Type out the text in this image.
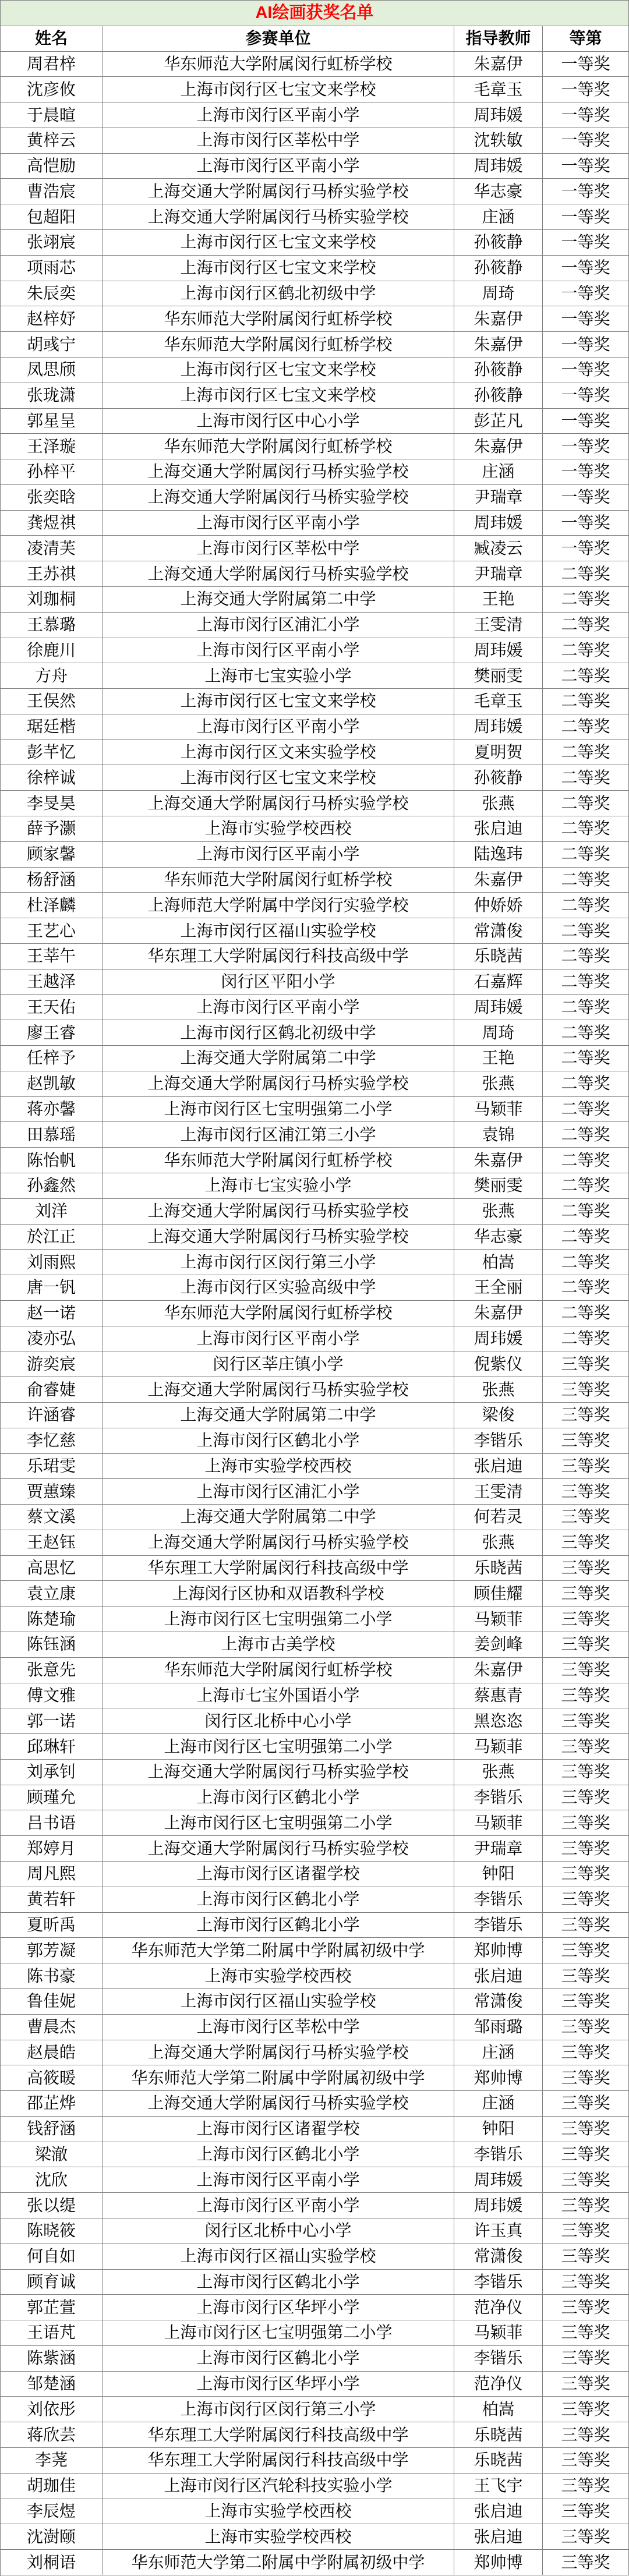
AI绘画获奖名单
姓名	参赛单位	指导教师	等第
周君梓	华东师范大学附属闵行虹桥学校	朱嘉伊	一等奖
沈彦攸	上海市闵行区七宝文来学校	毛章玉	一等奖
于晨暄	上海市闵行区平南小学	周玮媛	一等奖
黄梓云	上海市闵行区莘松中学	沈轶敏	一等奖
高恺励	上海市闵行区平南小学	周玮媛	一等奖
曹浩宸	上海交通大学附属闵行马桥实验学校	华志豪	一等奖
包超阳	上海交通大学附属闵行马桥实验学校	庄涵	一等奖
张翊宸	上海市闵行区七宝文来学校	孙筱静	一等奖
项雨芯	上海市闵行区七宝文来学校	孙筱静	一等奖
朱辰奕	上海市闵行区鹤北初级中学	周琦	一等奖
赵梓妤	华东师范大学附属闵行虹桥学校	朱嘉伊	一等奖
胡彧宁	华东师范大学附属闵行虹桥学校	朱嘉伊	一等奖
凤思颀	上海市闵行区七宝文来学校	孙筱静	一等奖
张珑潇	上海市闵行区七宝文来学校	孙筱静	一等奖
郭星呈	上海市闵行区中心小学	彭芷凡	一等奖
王泽璇	华东师范大学附属闵行虹桥学校	朱嘉伊	一等奖
孙梓平	上海交通大学附属闵行马桥实验学校	庄涵	一等奖
张奕晗	上海交通大学附属闵行马桥实验学校	尹瑞章	一等奖
龚煜祺	上海市闵行区平南小学	周玮媛	一等奖
凌清芙	上海市闵行区莘松中学	臧凌云	一等奖
王苏祺	上海交通大学附属闵行马桥实验学校	尹瑞章	二等奖
刘珈桐	上海交通大学附属第二中学	王艳	二等奖
王慕璐	上海市闵行区浦汇小学	王雯清	二等奖
徐鹿川	上海市闵行区平南小学	周玮媛	二等奖
方舟	上海市七宝实验小学	樊丽雯	二等奖
王俣然	上海市闵行区七宝文来学校	毛章玉	二等奖
琚廷楷	上海市闵行区平南小学	周玮媛	二等奖
彭芊忆	上海市闵行区文来实验学校	夏明贺	二等奖
徐梓诚	上海市闵行区七宝文来学校	孙筱静	二等奖
李旻昊	上海交通大学附属闵行马桥实验学校	张燕	二等奖
薛予灏	上海市实验学校西校	张启迪	二等奖
顾家馨	上海市闵行区平南小学	陆逸玮	二等奖
杨舒涵	华东师范大学附属闵行虹桥学校	朱嘉伊	二等奖
杜泽麟	上海师范大学附属中学闵行实验学校	仲娇娇	二等奖
王艺心	上海市闵行区福山实验学校	常潇俊	二等奖
王莘午	华东理工大学附属闵行科技高级中学	乐晓茜	二等奖
王越泽	闵行区平阳小学	石嘉辉	二等奖
王天佑	上海市闵行区平南小学	周玮媛	二等奖
廖王睿	上海市闵行区鹤北初级中学	周琦	二等奖
任梓予	上海交通大学附属第二中学	王艳	二等奖
赵凯敏	上海交通大学附属闵行马桥实验学校	张燕	二等奖
蒋亦馨	上海市闵行区七宝明强第二小学	马颖菲	二等奖
田慕瑶	上海市闵行区浦江第三小学	袁锦	二等奖
陈怡帆	华东师范大学附属闵行虹桥学校	朱嘉伊	二等奖
孙鑫然	上海市七宝实验小学	樊丽雯	二等奖
刘洋	上海交通大学附属闵行马桥实验学校	张燕	二等奖
於江正	上海交通大学附属闵行马桥实验学校	华志豪	二等奖
刘雨熙	上海市闵行区闵行第三小学	柏嵩	二等奖
唐一钒	上海市闵行区实验高级中学	王全丽	二等奖
赵一诺	华东师范大学附属闵行虹桥学校	朱嘉伊	二等奖
凌亦弘	上海市闵行区平南小学	周玮媛	二等奖
游奕宸	闵行区莘庄镇小学	倪紫仪	三等奖
俞睿婕	上海交通大学附属闵行马桥实验学校	张燕	三等奖
许涵睿	上海交通大学附属第二中学	梁俊	三等奖
李忆慈	上海市闵行区鹤北小学	李锴乐	三等奖
乐珺雯	上海市实验学校西校	张启迪	三等奖
贾蕙臻	上海市闵行区浦汇小学	王雯清	三等奖
蔡文溪	上海交通大学附属第二中学	何若灵	三等奖
王赵钰	上海交通大学附属闵行马桥实验学校	张燕	三等奖
高思忆	华东理工大学附属闵行科技高级中学	乐晓茜	三等奖
袁立康	上海闵行区协和双语教科学校	顾佳耀	三等奖
陈楚瑜	上海市闵行区七宝明强第二小学	马颖菲	三等奖
陈钰涵	上海市古美学校	姜剑峰	三等奖
张意先	华东师范大学附属闵行虹桥学校	朱嘉伊	三等奖
傅文雅	上海市七宝外国语小学	蔡惠青	三等奖
郭一诺	闵行区北桥中心小学	黑恣恣	三等奖
邱琳轩	上海市闵行区七宝明强第二小学	马颖菲	三等奖
刘承钊	上海交通大学附属闵行马桥实验学校	张燕	三等奖
顾瑾允	上海市闵行区鹤北小学	李锴乐	三等奖
吕书语	上海市闵行区七宝明强第二小学	马颖菲	三等奖
郑婷月	上海交通大学附属闵行马桥实验学校	尹瑞章	三等奖
周凡熙	上海市闵行区诸翟学校	钟阳	三等奖
黄若轩	上海市闵行区鹤北小学	李锴乐	三等奖
夏昕禹	上海市闵行区鹤北小学	李锴乐	三等奖
郭芳凝	华东师范大学第二附属中学附属初级中学	郑帅博	三等奖
陈书豪	上海市实验学校西校	张启迪	三等奖
鲁佳妮	上海市闵行区福山实验学校	常潇俊	三等奖
曹晨杰	上海市闵行区莘松中学	邹雨璐	三等奖
赵晨皓	上海交通大学附属闵行马桥实验学校	庄涵	三等奖
高筱暖	华东师范大学第二附属中学附属初级中学	郑帅博	三等奖
邵芷烨	上海交通大学附属闵行马桥实验学校	庄涵	三等奖
钱舒涵	上海市闵行区诸翟学校	钟阳	三等奖
梁澈	上海市闵行区鹤北小学	李锴乐	三等奖
沈欣	上海市闵行区平南小学	周玮媛	三等奖
张以缇	上海市闵行区平南小学	周玮媛	三等奖
陈晓筱	闵行区北桥中心小学	许玉真	三等奖
何自如	上海市闵行区福山实验学校	常潇俊	三等奖
顾育诚	上海市闵行区鹤北小学	李锴乐	三等奖
郭芷萱	上海市闵行区华坪小学	范净仪	三等奖
王语芃	上海市闵行区七宝明强第二小学	马颖菲	三等奖
陈紫涵	上海市闵行区鹤北小学	李锴乐	三等奖
邹楚涵	上海市闵行区华坪小学	范净仪	三等奖
刘依彤	上海市闵行区闵行第三小学	柏嵩	三等奖
蒋欣芸	华东理工大学附属闵行科技高级中学	乐晓茜	三等奖
李荛	华东理工大学附属闵行科技高级中学	乐晓茜	三等奖
胡珈佳	上海市闵行区汽轮科技实验小学	王飞宇	三等奖
李辰煜	上海市实验学校西校	张启迪	三等奖
沈澍颐	上海市实验学校西校	张启迪	三等奖
刘桐语	华东师范大学第二附属中学附属初级中学	郑帅博	三等奖
